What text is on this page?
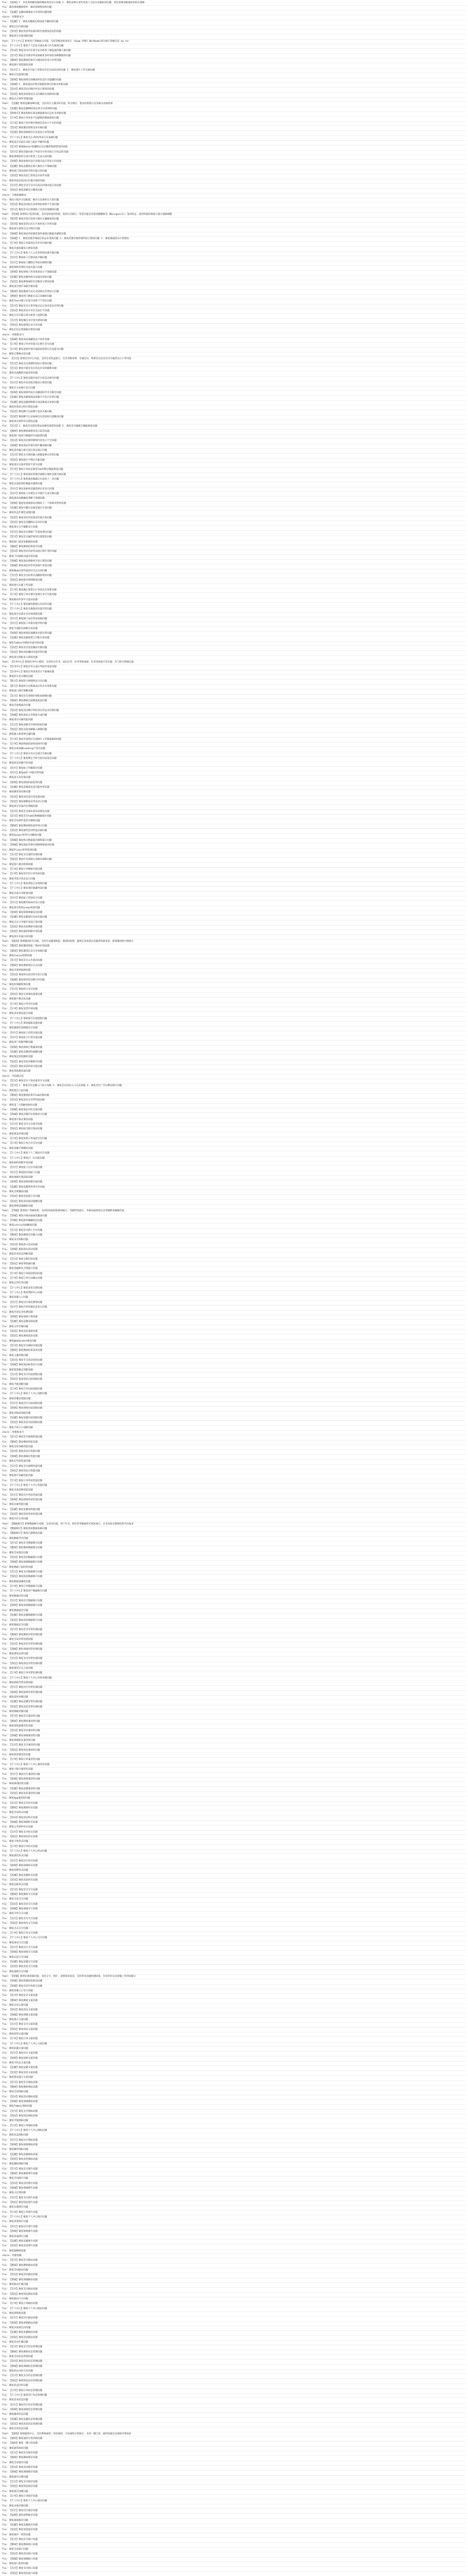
fix: 【视频】1. 优化视频播放器的播放进度显示问题 2. 修复视频在某些设备上无法自动播放的问题，优化视频加载速度的相关逻辑
fix: 修改视频播放组件，解决视频黑屏的问题
fix: 【直播】直播间弹幕显示异常的问题处理
chore: 更新版本号
fix: 【直播】1. 修复直播间礼物动画不播放的问题
fix: 修复打包失败问题
fix: 【消息】修复消息列表滚动时出现重复消息的问题
fix: 修复部分页面适配问题
feat: 【个人中心】新增用户等级展示功能，支持等级进度条显示（Vip@ 详情1 Bk(Head)部分展示等级信息 by zz）
fix: 【个人中心】修复个人信息页面头像上传失败的问题
fix: 【登录】修复登录页在部分安卓机型上键盘遮挡输入框问题
fix: 【首页】修复首页推荐列表加载更多时重复加载数据的问题
fix: 【搜索】修复搜索结果页关键词高亮显示异常问题
fix: 修复图片预览缩放问题
fix: 【社区】1. 修复社区帖子详情页评论无法发送的问题 2. 修复图片上传失败问题
fix: 修复打包报错问题
fix: 【视频】修复视频全屏播放时状态栏未隐藏的问题
fix: 【商城】1. 修复商品详情页规格选择后价格未更新问题
fix: 【活动】修复活动页倒计时显示错误的问题
fix: 【消息】修复消息推送点击后跳转页面错误问题
fix: 修复点击事件穿透问题
feat: 【直播】新增直播间PK功能，支持双方主播实时对战、积分统计、胜负结果展示以及相关动画效果
fix: 【直播】修复直播PK结束后积分未清零的问题
fix: 【购物车】修复购物车商品数量修改后总价未更新问题
fix: 【订单】修复订单列表下拉刷新时数据重复问题
fix: 【订单】修复订单详情页物流信息显示不全的问题
fix: 【登录】修复微信授权登录失败问题
fix: 【设置】修复清除缓存后页面显示异常问题
fix: 【个人中心】修复关注/粉丝列表分页加载问题
fix: 修复部分页面在iOS上滚动卡顿的问题
fix: 【首页】修复Banner轮播图点击后跳转链接错误的问题
fix: 【社区】修复话题页帖子列表为空时未展示空状态的问题
fix: 修复弹窗组件在部分机型上无法关闭问题
fix: 【视频】修复视频评论区表情无法正常显示的问题
fix: 【直播】修复直播间在线人数显示不准确问题
fix: 修复接口请求超时未给出提示的问题
fix: 【消息】修复消息已读状态未同步问题
fix: 修复列表页返回后位置未保持问题
fix: 【支付】修复支付宝支付完成后回调页面白屏问题
fix: 【钱包】修复余额显示精度问题
chore: 升级依赖版本
fix: 修改小程序分包配置，解决主包体积过大的问题
fix: 【活动】修复活动报名表单校验规则不生效问题
fix: 【首页】修复首页在低端机上首屏渲染慢的问题
feat: 【签到】新增每日签到功能，支持连续签到奖励、签到日历展示、补签功能以及签到提醒推送（Messgae(1)) 签到状态、签到奖励的领取与展示逻辑调整
fix: 【签到】修复补签后签到天数未正确累加的问题
fix: 【签到】修复签到日历在月初时显示异常问题
fix: 修复部分按钮点击无响应问题
fix: 【商城】修复商品列表筛选条件重置后数据未刷新问题
fix: 【商城】1. 修复优惠券领取后状态未更新问题 2. 修复优惠券使用规则显示错误问题 3. 修复满减活动计算错误
fix: 【订单】修复订单取消后库存未回滚问题
fix: 修复页面标题显示错误问题
fix: 【个人中心】修复个人主页背景图设置失败问题
fix: 【社区】修复帖子点赞动画卡顿问题
fix: 【社区】修复帖子删除后列表未刷新问题
fix: 修复网络异常时页面无提示问题
fix: 【视频】修复视频上传进度条显示不准确问题
fix: 【直播】修复直播回放无法拖动进度问题
fix: 【消息】修复系统通知未读数显示错误问题
fix: 修复部分图片加载失败问题
fix: 【搜索】修复搜索历史记录清除后仍然显示问题
fix: 【搜索】修复热门搜索点击后未跳转问题
fix: 修复Toast提示在部分场景下不消失问题
fix: 【首页】修复首页分类导航点击后高亮状态异常问题
fix: 【活动】修复活动分享后无法打开问题
fix: 修复分享功能在部分机型上报错问题
fix: 【支付】修复微信支付签名错误问题
fix: 【钱包】修复提现记录分页问题
fix: 修复打包后资源路径错误问题
chore: 更新版本号
fix: 【商城】修复商品收藏状态不同步问题
fix: 【订单】修复订单评价提交后图片丢失问题
fix: 【订单】修复退款申请页面原因选择后无法提交问题
fix: 修复日期格式化问题
feat: 【会员】新增会员中心页面，支持会员权益展示、会员等级说明、开通会员、续费会员以及会员专属活动入口等功能
fix: 【会员】修复会员到期时间显示错误问题
fix: 【会员】修复开通会员后状态未及时刷新问题
fix: 修复页面跳转动画异常问题
fix: 【个人中心】修复设置页面开关状态未保存问题
fix: 【社区】修复评论回复层级显示错误问题
fix: 修复长文本换行显示问题
fix: 【视频】修复视频列表自动播放时声音未静音问题
fix: 【直播】修复直播间商品讲解卡片显示异常问题
fix: 【直播】修复直播间购物车商品数量未更新问题
fix: 修复时间显示时区错误问题
fix: 【消息】修复聊天页面图片发送失败问题
fix: 【消息】修复聊天记录加载历史消息时位置跳动问题
fix: 修复部分组件样式错乱问题
fix: 【首页】1. 修复首页推荐算法参数传递错误问题 2. 修复首页刷新后数据重复问题
fix: 【搜索】修复搜索联想词显示延迟问题
fix: 修复接口返回空数据时页面报错问题
fix: 【活动】修复活动规则弹窗内容显示不全问题
fix: 【商城】修复商品详情页图片懒加载问题
fix: 修复表单输入框失焦后验证提示问题
fix: 【支付】修复支付密码输入框键盘弹出异常问题
fix: 【钱包】修复银行卡绑定失败问题
fix: 修复部分页面骨架屏不消失问题
fix: 【订单】修复订单状态筛选Tab切换后数据错乱问题
fix: 【个人中心】修复地址管理页面默认地址设置失败问题
fix: 【个人中心】修复地址编辑后未返回上一页问题
fix: 修复页面返回时数据未刷新问题
fix: 【社区】修复发帖时话题选择后未显示问题
fix: 【社区】修复帖子详情页分享图片生成失败问题
fix: 修复滚动加载触底判断不准确问题
fix: 【视频】修复短视频滑动切换时上一个视频未暂停问题
fix: 【直播】修复开播后美颜设置未生效问题
fix: 修复状态栏颜色设置问题
fix: 【消息】修复消息列表置顶功能失效问题
fix: 【消息】修复会话删除后未同步问题
fix: 修复部分文字截断显示问题
fix: 【首页】修复首页弹窗广告重复弹出问题
fix: 【首页】修复首页悬浮按钮位置错误问题
fix: 修复接口请求参数编码问题
fix: 【搜索】修复搜索结果排序问题
fix: 【活动】修复活动页面奖品展示图片变形问题
fix: 修复下拉刷新动画异常问题
fix: 【商城】修复商品规格库存显示错误问题
fix: 【商城】修复商品评价列表图片预览问题
fix: 修复Modal组件遮罩层点击关闭问题
fix: 【支付】修复支付结果页面跳转错误问题
fix: 【钱包】修复账单明细筛选问题
fix: 修复图片压缩上传问题
fix: 【订单】修复确认收货后订单状态未更新问题
fix: 【订单】修复订单详情页复制订单号失败问题
fix: 修复路由传参中文乱码问题
fix: 【个人中心】修复修改昵称后未同步问题
fix: 【个人中心】修复头像裁剪功能异常问题
fix: 修复部分页面安全区域适配问题
fix: 【社区】修复圈子成员列表加载问题
fix: 【社区】修复帖子举报功能异常问题
fix: 修复节流防抖函数失效问题
fix: 【视频】修复视频倍速播放功能异常问题
fix: 【直播】修复直播间禁言功能失效问题
fix: 修复Tabbar切换时页面闪烁问题
fix: 【消息】修复语音消息播放失败问题
fix: 【消息】修复消息撤回功能异常问题
fix: 修复部分图标显示错误问题
feat: 【任务中心】新增任务中心模块，支持每日任务、成长任务、任务奖励领取、任务进度展示等功能，并与积分系统打通
fix: 【任务中心】修复任务完成后奖励未发放问题
fix: 【任务中心】修复任务进度显示不准确问题
fix: 修复积分显示精度问题
fix: 【积分】修复积分明细列表分页问题
fix: 【积分】修复积分兑换商品后库存未更新问题
fix: 修复接口缓存策略问题
fix: 【首页】修复首页金刚区图标加载慢问题
fix: 【搜索】修复搜索页面键盘收起问题
fix: 修复页面栈溢出问题
fix: 【活动】修复活动倒计时结束后状态未切换问题
fix: 【商城】修复商品分享海报生成问题
fix: 修复部分动画性能问题
fix: 【支付】修复余额支付密码校验问题
fix: 【钱包】修复充值金额输入限制问题
fix: 修复输入框表情过滤问题
fix: 【订单】修复申请售后页面图片上传数量限制问题
fix: 【订单】修复物流轨迹时间排序问题
fix: 修复页面加载Loading不消失问题
fix: 【个人中心】修复实名认证提交失败问题
fix: 【个人中心】修复绑定手机号验证码发送问题
fix: 修复验证码倒计时问题
fix: 【社区】修复帖子草稿保存问题
fix: 【社区】修复@用户功能异常问题
fix: 修复富文本渲染问题
fix: 【视频】修复视频封面选择问题
fix: 【直播】修复直播间连麦功能异常问题
fix: 修复横竖屏切换问题
fix: 【消息】修复消息免打扰设置问题
fix: 【消息】修复群聊成员列表显示问题
fix: 修复部分页面内存泄漏问题
fix: 【首页】修复首页瀑布流布局错乱问题
fix: 【首页】修复首页tab切换数据缓存问题
fix: 修复全局事件监听未移除问题
fix: 【搜索】修复搜索筛选条件组合问题
fix: 【活动】修复抽奖活动转盘动画问题
fix: 修复Swiper组件自动播放问题
fix: 【商城】修复购买数量超出限购提示问题
fix: 【商城】修复商品详情页规格弹窗滚动问题
fix: 修复Picker组件选择问题
fix: 【支付】修复支付超时处理问题
fix: 【钱包】修复红包领取后余额未刷新问题
fix: 修复接口重试机制问题
fix: 【订单】修复订单搜索功能问题
fix: 【订单】修复待评价订单列表问题
fix: 修复列表空状态显示问题
fix: 【个人中心】修复浏览记录清除问题
fix: 【个人中心】修复我的收藏列表问题
fix: 修复页面分享配置问题
fix: 【社区】修复帖子置顶显示问题
fix: 【社区】修复精华帖标识显示问题
fix: 修复部分组件props校验问题
fix: 【视频】修复视频弹幕发送问题
fix: 【直播】修复直播间红包雨功能问题
fix: 修复自定义导航栏高度计算问题
fix: 【消息】修复消息搜索功能问题
fix: 【消息】修复通知权限申请问题
fix: 修复部分页面白屏问题
feat: 【邀请】新增邀请好友功能，支持生成邀请海报、邀请码复制、邀请记录查看以及邀请奖励发放，新增邀请排行榜展示
fix: 【邀请】修复邀请海报二维码识别问题
fix: 【邀请】修复邀请记录分页加载问题
fix: 修复Canvas绘制问题
fix: 【首页】修复首页公告滚动问题
fix: 【搜索】修复搜索建议点击问题
fix: 修复页面预加载问题
fix: 【活动】修复秒杀活动库存显示问题
fix: 【商城】修复拼团活动倒计时问题
fix: 修复时间戳转换问题
fix: 【支付】修复组合支付问题
fix: 【钱包】修复交易密码重置问题
fix: 修复数字格式化问题
fix: 【订单】修复订单导出问题
fix: 【订单】修复发票申请问题
fix: 修复表单重复提交问题
fix: 【个人中心】修复账号注销流程问题
fix: 【个人中心】修复隐私设置问题
fix: 修复敏感信息脱敏显示问题
fix: 【社区】修复帖子投票功能问题
fix: 【社区】修复帖子打赏功能问题
fix: 修复用户权限判断问题
fix: 【视频】修复视频合集播放问题
fix: 【直播】修复直播预约提醒问题
fix: 修复推送消息跳转问题
fix: 【消息】修复消息草稿保存问题
fix: 【消息】修复消息转发功能问题
fix: 修复剪贴板读取问题
chore: 代码格式化
fix: 【首页】修复首页个性化推荐开关问题
fix: 【首页】1. 修复首页直播入口显示问题 2. 修复首页活动入口点击问题 3. 修复首页广告位曝光统计问题
fix: 修复埋点上报问题
fix: 【搜索】修复搜索结果页tab切换问题
fix: 【活动】修复活动分享得奖励问题
fix: 修复第三方SDK初始化问题
fix: 【商城】修复商品对比功能问题
fix: 【商城】修复店铺首页装修显示问题
fix: 修复图片格式兼容问题
fix: 【支付】修复支付方式排序问题
fix: 【钱包】修复收支统计图表问题
fix: 修复图表渲染问题
fix: 【订单】修复预售订单尾款支付问题
fix: 【订单】修复订单合并支付问题
fix: 修复金额计算精度问题
fix: 【个人中心】修复个人二维码名片问题
fix: 【个人中心】修复扫一扫功能问题
fix: 修复相机权限申请问题
fix: 【社区】修复帖子定位功能问题
fix: 【社区】修复附近的帖子问题
fix: 修复地理位置获取问题
fix: 【视频】修复视频剪辑功能问题
fix: 【直播】修复直播间背景音乐问题
fix: 修复音频播放问题
fix: 【消息】修复消息提示音问题
fix: 【消息】修复消息震动提醒问题
fix: 修复系统设置跳转问题
feat: 【等级】新增用户等级体系，支持经验值获取规则展示、等级特权展示、升级动画效果以及等级勋章佩戴功能
fix: 【等级】修复升级动画重复播放问题
fix: 【等级】修复勋章佩戴状态问题
fix: 修复Lottie动画播放问题
fix: 【首页】修复首页新人专区问题
fix: 【搜索】修复搜索语音输入问题
fix: 修复录音权限问题
fix: 【活动】修复助力活动问题
fix: 【商城】修复砍价活动问题
fix: 修复活动状态判断问题
fix: 【支付】修复分期付款问题
fix: 【钱包】修复零钱通问题
fix: 修复金融相关合规提示问题
fix: 【订单】修复订单取消原因问题
fix: 【订单】修复订单自动确认问题
fix: 修复定时任务问题
fix: 【个人中心】修复意见反馈问题
fix: 【个人中心】修复帮助中心问题
fix: 修复客服入口问题
fix: 【社区】修复社区规范弹窗问题
fix: 【社区】修复内容审核状态显示问题
fix: 修复内容安全检测问题
fix: 【视频】修复视频下载问题
fix: 【直播】修复直播录制问题
fix: 修复文件存储问题
fix: 【消息】修复消息漫游问题
fix: 【消息】修复离线消息问题
fix: 修复WebSocket重连问题
fix: 【首页】修复首页换肤功能问题
fix: 【搜索】修复搜索结果高亮问题
fix: 修复主题切换问题
fix: 【活动】修复节日活动皮肤问题
fix: 【商城】修复商品标签显示问题
fix: 修复暗黑模式适配问题
fix: 【支付】修复支付页面适配问题
fix: 【钱包】修复钱包页面适配问题
fix: 修复平板适配问题
fix: 【订单】修复订单页面适配问题
fix: 【个人中心】修复个人中心适配问题
fix: 修复折叠屏适配问题
fix: 【社区】修复社区页面适配问题
fix: 【视频】修复视频页面适配问题
fix: 修复刘海屏适配问题
fix: 【直播】修复直播页面适配问题
fix: 【消息】修复消息页面适配问题
fix: 修复字体大小适配问题
chore: 更新版本号
fix: 【首页】修复首页加载性能问题
fix: 【搜索】修复搜索性能问题
fix: 修复首屏加载性能问题
fix: 【活动】修复活动页性能问题
fix: 【商城】修复商城页性能问题
fix: 修复长列表性能问题
fix: 【支付】修复支付流程性能问题
fix: 【钱包】修复钱包页性能问题
fix: 修复图片加载性能问题
fix: 【订单】修复订单列表性能问题
fix: 【个人中心】修复个人中心性能问题
fix: 修复页面切换性能问题
fix: 【社区】修复社区列表性能问题
fix: 【视频】修复视频列表性能问题
fix: 修复动画性能问题
fix: 【直播】修复直播间性能问题
fix: 【消息】修复消息列表性能问题
fix: 修复内存占用问题
feat: 【数据统计】新增数据统计看板，支持访问量、用户行为、转化率等数据的可视化展示，并支持按日期筛选和导出报表
fix: 【数据统计】修复图表数据加载问题
fix: 【数据统计】修复日期筛选问题
fix: 修复数据导出问题
fix: 【首页】修复首页数据埋点问题
fix: 【搜索】修复搜索数据埋点问题
fix: 修复全局埋点问题
fix: 【活动】修复活动数据统计问题
fix: 【商城】修复商城数据统计问题
fix: 修复数据上报时机问题
fix: 【支付】修复支付数据统计问题
fix: 【钱包】修复钱包数据统计问题
fix: 修复数据准确性问题
fix: 【订单】修复订单数据统计问题
fix: 【个人中心】修复用户数据统计问题
fix: 修复数据同步问题
fix: 【社区】修复社区数据统计问题
fix: 【视频】修复视频数据统计问题
fix: 修复数据缓存问题
fix: 【直播】修复直播数据统计问题
fix: 【消息】修复消息数据统计问题
fix: 修复数据安全问题
fix: 【首页】修复首页异常处理问题
fix: 【搜索】修复搜索异常处理问题
fix: 修复全局异常处理问题
fix: 【活动】修复活动异常处理问题
fix: 【商城】修复商城异常处理问题
fix: 修复错误边界问题
fix: 【支付】修复支付异常处理问题
fix: 【钱包】修复钱包异常处理问题
fix: 修复错误日志上报问题
fix: 【订单】修复订单异常处理问题
fix: 【个人中心】修复个人中心异常处理问题
fix: 修复网络异常处理问题
fix: 【社区】修复社区异常处理问题
fix: 【视频】修复视频异常处理问题
fix: 修复超时处理问题
fix: 【直播】修复直播异常处理问题
fix: 【消息】修复消息异常处理问题
fix: 修复降级处理问题
fix: 【首页】修复首页兼容性问题
fix: 【搜索】修复搜索兼容性问题
fix: 修复浏览器兼容性问题
fix: 【活动】修复活动兼容性问题
fix: 【商城】修复商城兼容性问题
fix: 修复系统版本兼容性问题
fix: 【支付】修复支付兼容性问题
fix: 【钱包】修复钱包兼容性问题
fix: 修复机型兼容性问题
fix: 【订单】修复订单兼容性问题
fix: 【个人中心】修复个人中心兼容性问题
fix: 修复小程序兼容性问题
fix: 【社区】修复社区兼容性问题
fix: 【视频】修复视频兼容性问题
fix: 修复H5兼容性问题
fix: 【直播】修复直播兼容性问题
fix: 【消息】修复消息兼容性问题
fix: 修复App兼容性问题
fix: 【首页】修复首页样式问题
fix: 【搜索】修复搜索样式问题
fix: 修复全局样式问题
fix: 【活动】修复活动样式问题
fix: 【商城】修复商城样式问题
fix: 修复公共组件样式问题
fix: 【支付】修复支付样式问题
fix: 【钱包】修复钱包样式问题
fix: 修复字体样式问题
fix: 【订单】修复订单样式问题
fix: 【个人中心】修复个人中心样式问题
fix: 修复颜色样式问题
fix: 【社区】修复社区样式问题
fix: 【视频】修复视频样式问题
fix: 修复间距样式问题
fix: 【直播】修复直播样式问题
fix: 【消息】修复消息样式问题
fix: 修复边框样式问题
fix: 【首页】修复首页交互问题
fix: 【搜索】修复搜索交互问题
fix: 修复全局交互问题
fix: 【活动】修复活动交互问题
fix: 【商城】修复商城交互问题
fix: 修复手势交互问题
fix: 【支付】修复支付交互问题
fix: 【钱包】修复钱包交互问题
fix: 修复点击交互问题
fix: 【订单】修复订单交互问题
fix: 【个人中心】修复个人中心交互问题
fix: 修复滑动交互问题
fix: 【社区】修复社区交互问题
fix: 【视频】修复视频交互问题
fix: 修复长按交互问题
fix: 【直播】修复直播交互问题
fix: 【消息】修复消息交互问题
fix: 修复拖拽交互问题
feat: 【客服】新增在线客服功能，支持文字、图片、表情消息发送，支持常见问题快捷回复、会话评价以及客服工作时间提示
fix: 【客服】修复客服消息推送问题
fix: 【客服】修复会话评价提交问题
fix: 修复客服入口显示问题
fix: 【首页】修复首页文案问题
fix: 【搜索】修复搜索文案问题
fix: 修复全局文案问题
fix: 【活动】修复活动文案问题
fix: 【商城】修复商城文案问题
fix: 修复提示文案问题
fix: 【支付】修复支付文案问题
fix: 【钱包】修复钱包文案问题
fix: 修复按钮文案问题
fix: 【订单】修复订单文案问题
fix: 【个人中心】修复个人中心文案问题
fix: 修复标题文案问题
fix: 【社区】修复社区文案问题
fix: 【视频】修复视频文案问题
fix: 修复空状态文案问题
fix: 【直播】修复直播文案问题
fix: 【消息】修复消息文案问题
fix: 修复错误提示文案问题
fix: 【首页】修复首页图标问题
fix: 【搜索】修复搜索图标问题
fix: 修复全局图标问题
fix: 【活动】修复活动图标问题
fix: 【商城】修复商城图标问题
fix: 修复Tabbar图标问题
fix: 【支付】修复支付图标问题
fix: 【钱包】修复钱包图标问题
fix: 修复导航图标问题
fix: 【订单】修复订单图标问题
fix: 【个人中心】修复个人中心图标问题
fix: 修复状态图标问题
fix: 【社区】修复社区图标问题
fix: 【视频】修复视频图标问题
fix: 修复操作图标问题
fix: 【直播】修复直播图标问题
fix: 【消息】修复消息图标问题
fix: 修复徽标图标问题
fix: 【首页】修复首页图片问题
fix: 【搜索】修复搜索图片问题
fix: 修复全局图片问题
fix: 【活动】修复活动图片问题
fix: 【商城】修复商城图片问题
fix: 修复占位图问题
fix: 【支付】修复支付图片问题
fix: 【钱包】修复钱包图片问题
fix: 修复头像图片问题
fix: 【订单】修复订单图片问题
fix: 【个人中心】修复个人中心图片问题
fix: 修复背景图片问题
fix: 【社区】修复社区图片问题
fix: 【视频】修复视频图片问题
fix: 修复封面图片问题
fix: 【直播】修复直播图片问题
fix: 【消息】修复消息图片问题
fix: 修复缩略图问题
chore: 更新依赖
fix: 【首页】修复首页路由问题
fix: 【搜索】修复搜索路由问题
fix: 修复全局路由问题
fix: 【活动】修复活动路由问题
fix: 【商城】修复商城路由问题
fix: 修复路由拦截问题
fix: 【支付】修复支付路由问题
fix: 【钱包】修复钱包路由问题
fix: 修复路由守卫问题
fix: 【订单】修复订单路由问题
fix: 【个人中心】修复个人中心路由问题
fix: 修复深链接问题
fix: 【社区】修复社区路由问题
fix: 【视频】修复视频路由问题
fix: 修复页面重定向问题
fix: 【直播】修复直播路由问题
fix: 【消息】修复消息路由问题
fix: 修复登录拦截问题
fix: 【首页】修复首页状态管理问题
fix: 【搜索】修复搜索状态管理问题
fix: 修复全局状态管理问题
fix: 【活动】修复活动状态管理问题
fix: 【商城】修复商城状态管理问题
fix: 修复Store持久化问题
fix: 【支付】修复支付状态管理问题
fix: 【钱包】修复钱包状态管理问题
fix: 修复状态同步问题
fix: 【订单】修复订单状态管理问题
fix: 【个人中心】修复用户状态管理问题
fix: 修复登录状态问题
fix: 【社区】修复社区状态管理问题
fix: 【视频】修复视频状态管理问题
fix: 修复播放状态问题
fix: 【直播】修复直播状态管理问题
fix: 【消息】修复消息状态管理问题
fix: 修复未读状态问题
feat: 【通知】新增通知中心，支持系统通知、活动通知、互动通知分类展示，支持一键已读、通知设置以及通知详情查看
fix: 【通知】修复通知分类切换问题
fix: 【通知】修复一键已读问题
fix: 修复通知角标问题
fix: 【首页】修复首页缓存问题
fix: 【搜索】修复搜索缓存问题
fix: 修复全局缓存问题
fix: 【活动】修复活动缓存问题
fix: 【商城】修复商城缓存问题
fix: 修复缓存过期问题
fix: 【支付】修复支付缓存问题
fix: 【钱包】修复钱包缓存问题
fix: 修复缓存清理问题
fix: 【订单】修复订单缓存问题
fix: 【个人中心】修复个人中心缓存问题
fix: 修复本地存储问题
fix: 【社区】修复社区缓存问题
fix: 【视频】修复视频缓存问题
fix: 修复离线缓存问题
fix: 【直播】修复直播缓存问题
fix: 【消息】修复消息缓存问题
fix: 修复缓存一致性问题
fix: 【首页】修复首页接口问题
fix: 【搜索】修复搜索接口问题
fix: 修复全局接口问题
fix: 【活动】修复活动接口问题
fix: 【商城】修复商城接口问题
fix: 修复接口鉴权问题
fix: 【支付】修复支付接口问题
fix: 【钱包】修复钱包接口问题
